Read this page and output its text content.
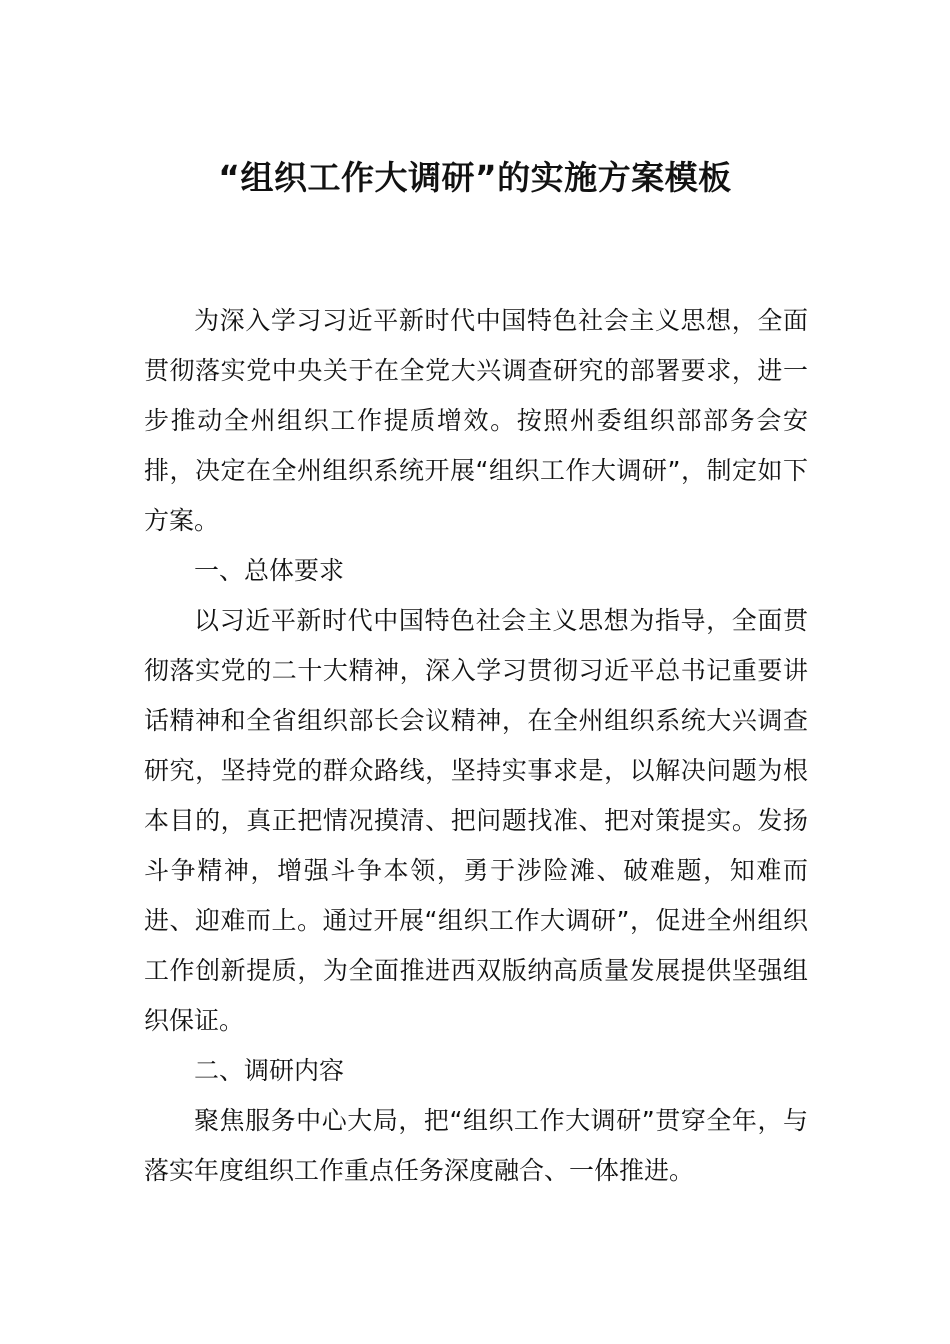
“组织工作大调研”的实施方案模板

为深入学习习近平新时代中国特色社会主义思想，全面贯彻落实党中央关于在全党大兴调查研究的部署要求，进一步推动全州组织工作提质增效。按照州委组织部部务会安排，决定在全州组织系统开展“组织工作大调研”，制定如下方案。

一、总体要求

以习近平新时代中国特色社会主义思想为指导，全面贯彻落实党的二十大精神，深入学习贯彻习近平总书记重要讲话精神和全省组织部长会议精神，在全州组织系统大兴调查研究，坚持党的群众路线，坚持实事求是，以解决问题为根本目的，真正把情况摸清、把问题找准、把对策提实。发扬斗争精神，增强斗争本领，勇于涉险滩、破难题，知难而进、迎难而上。通过开展“组织工作大调研”，促进全州组织工作创新提质，为全面推进西双版纳高质量发展提供坚强组织保证。

二、调研内容

聚焦服务中心大局，把“组织工作大调研”贯穿全年，与落实年度组织工作重点任务深度融合、一体推进。
